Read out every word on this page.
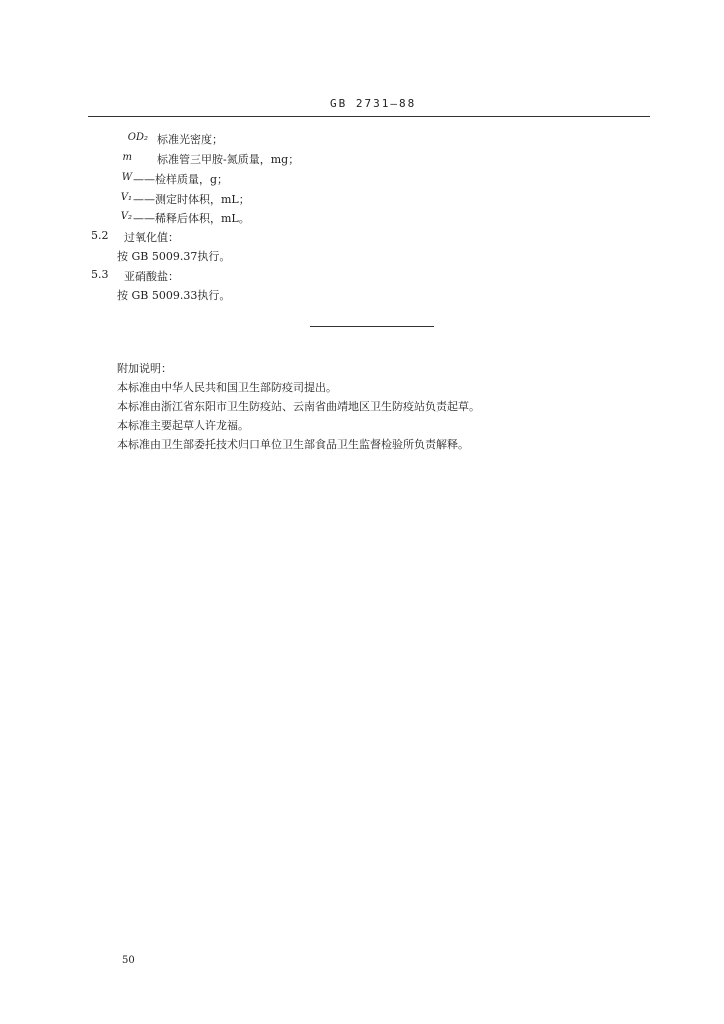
GB 2731—88
OD₂ 标准光密度；
m 标准管三甲胺-氮质量，mg；
W ——检样质量，g；
V₁ ——测定时体积，mL；
V₂ ——稀释后体积，mL。
5.2 过氧化值：
按 GB 5009.37执行。
5.3 亚硝酸盐：
按 GB 5009.33执行。
附加说明：
本标准由中华人民共和国卫生部防疫司提出。
本标准由浙江省东阳市卫生防疫站、云南省曲靖地区卫生防疫站负责起草。
本标准主要起草人许龙福。
本标准由卫生部委托技术归口单位卫生部食品卫生监督检验所负责解释。
50
